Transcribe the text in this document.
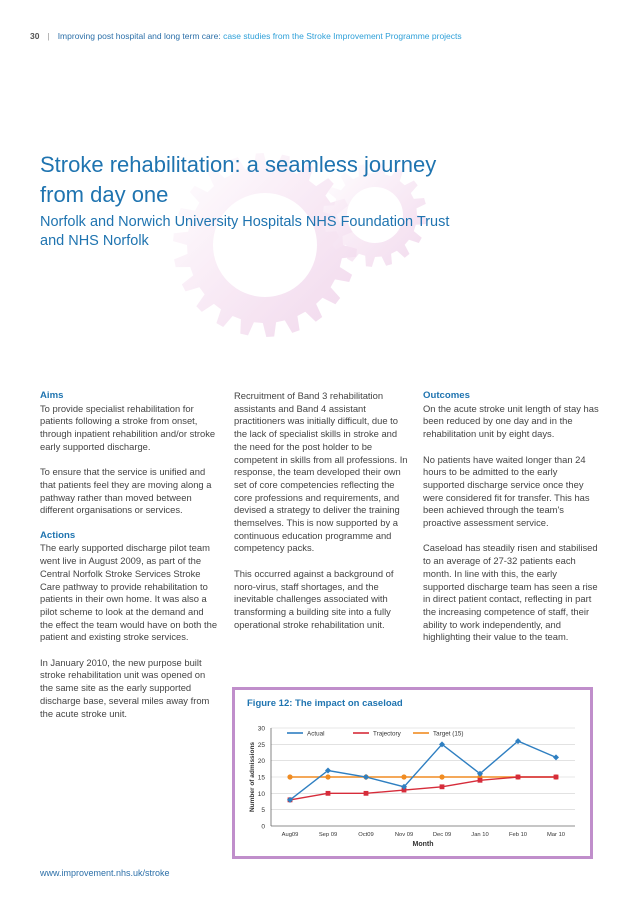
30 | Improving post hospital and long term care: case studies from the Stroke Improvement Programme projects
Stroke rehabilitation: a seamless journey from day one
Norfolk and Norwich University Hospitals NHS Foundation Trust and NHS Norfolk
Aims

To provide specialist rehabilitation for patients following a stroke from onset, through inpatient rehabilition and/or stroke early supported discharge.

To ensure that the service is unified and that patients feel they are moving along a pathway rather than moved between different organisations or services.

Actions

The early supported discharge pilot team went live in August 2009, as part of the Central Norfolk Stroke Services Stroke Care pathway to provide rehabilitation to patients in their own home. It was also a pilot scheme to look at the demand and the effect the team would have on both the patient and existing stroke services.

In January 2010, the new purpose built stroke rehabilitation unit was opened on the same site as the early supported discharge base, several miles away from the acute stroke unit.

Recruitment of Band 3 rehabilitation assistants and Band 4 assistant practitioners was initially difficult, due to the lack of specialist skills in stroke and the need for the post holder to be competent in skills from all professions. In response, the team developed their own set of core competencies reflecting the core professions and requirements, and devised a strategy to deliver the training themselves. This is now supported by a continuous education programme and competency packs.

This occurred against a background of noro-virus, staff shortages, and the inevitable challenges associated with transforming a building site into a fully operational stroke rehabilitation unit.

Outcomes

On the acute stroke unit length of stay has been reduced by one day and in the rehabilitation unit by eight days.

No patients have waited longer than 24 hours to be admitted to the early supported discharge service once they were considered fit for transfer. This has been achieved through the team's proactive assessment service.

Caseload has steadily risen and stabilised to an average of 27-32 patients each month. In line with this, the early supported discharge team has seen a rise in direct patient contact, reflecting in part the increasing competence of staff, their ability to work independently, and highlighting their value to the team.

Figure 12: The impact on caseload
0
5
10
15
20
25
30
Aug09	Sep 09	Oct09	Nov 09	Dec 09	Jan 10	Feb 10	Mar 10
Month
Number of admissions
Actual	Trajectory	Target (15)
www.improvement.nhs.uk/stroke
